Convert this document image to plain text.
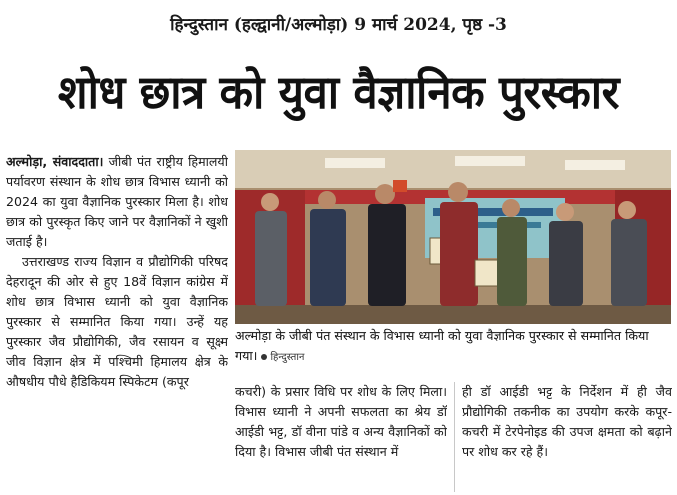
हिन्दुस्तान (हल्द्वानी/अल्मोड़ा) 9 मार्च 2024, पृष्ठ -3
शोध छात्र को युवा वैज्ञानिक पुरस्कार

अल्मोड़ा, संवाददाता। जीबी पंत राष्ट्रीय हिमालयी पर्यावरण संस्थान के शोध छात्र विभास ध्यानी को 2024 का युवा वैज्ञानिक पुरस्कार मिला है। शोध छात्र को पुरस्कृत किए जाने पर वैज्ञानिकों ने खुशी जताई है।

उत्तराखण्ड राज्य विज्ञान व प्रौद्योगिकी परिषद देहरादून की ओर से हुए 18वें विज्ञान कांग्रेस में शोध छात्र विभास ध्यानी को युवा वैज्ञानिक पुरस्कार से सम्मानित किया गया। उन्हें यह पुरस्कार जैव प्रौद्योगिकी, जैव रसायन व सूक्ष्म जीव विज्ञान क्षेत्र में पश्चिमी हिमालय क्षेत्र के औषधीय पौधे हैडिकियम स्पिकेटम (कपूर

अल्मोड़ा के जीबी पंत संस्थान के विभास ध्यानी को युवा वैज्ञानिक पुरस्कार से सम्मानित किया गया। हिन्दुस्तान

कचरी) के प्रसार विधि पर शोध के लिए मिला। विभास ध्यानी ने अपनी सफलता का श्रेय डॉ आईडी भट्ट, डॉ वीना पांडे व अन्य वैज्ञानिकों को दिया है। विभास जीबी पंत संस्थान में

ही डॉ आईडी भट्ट के निर्देशन में ही जैव प्रौद्योगिकी तकनीक का उपयोग करके कपूर-कचरी में टेरपेनोइड की उपज क्षमता को बढ़ाने पर शोध कर रहे हैं।
